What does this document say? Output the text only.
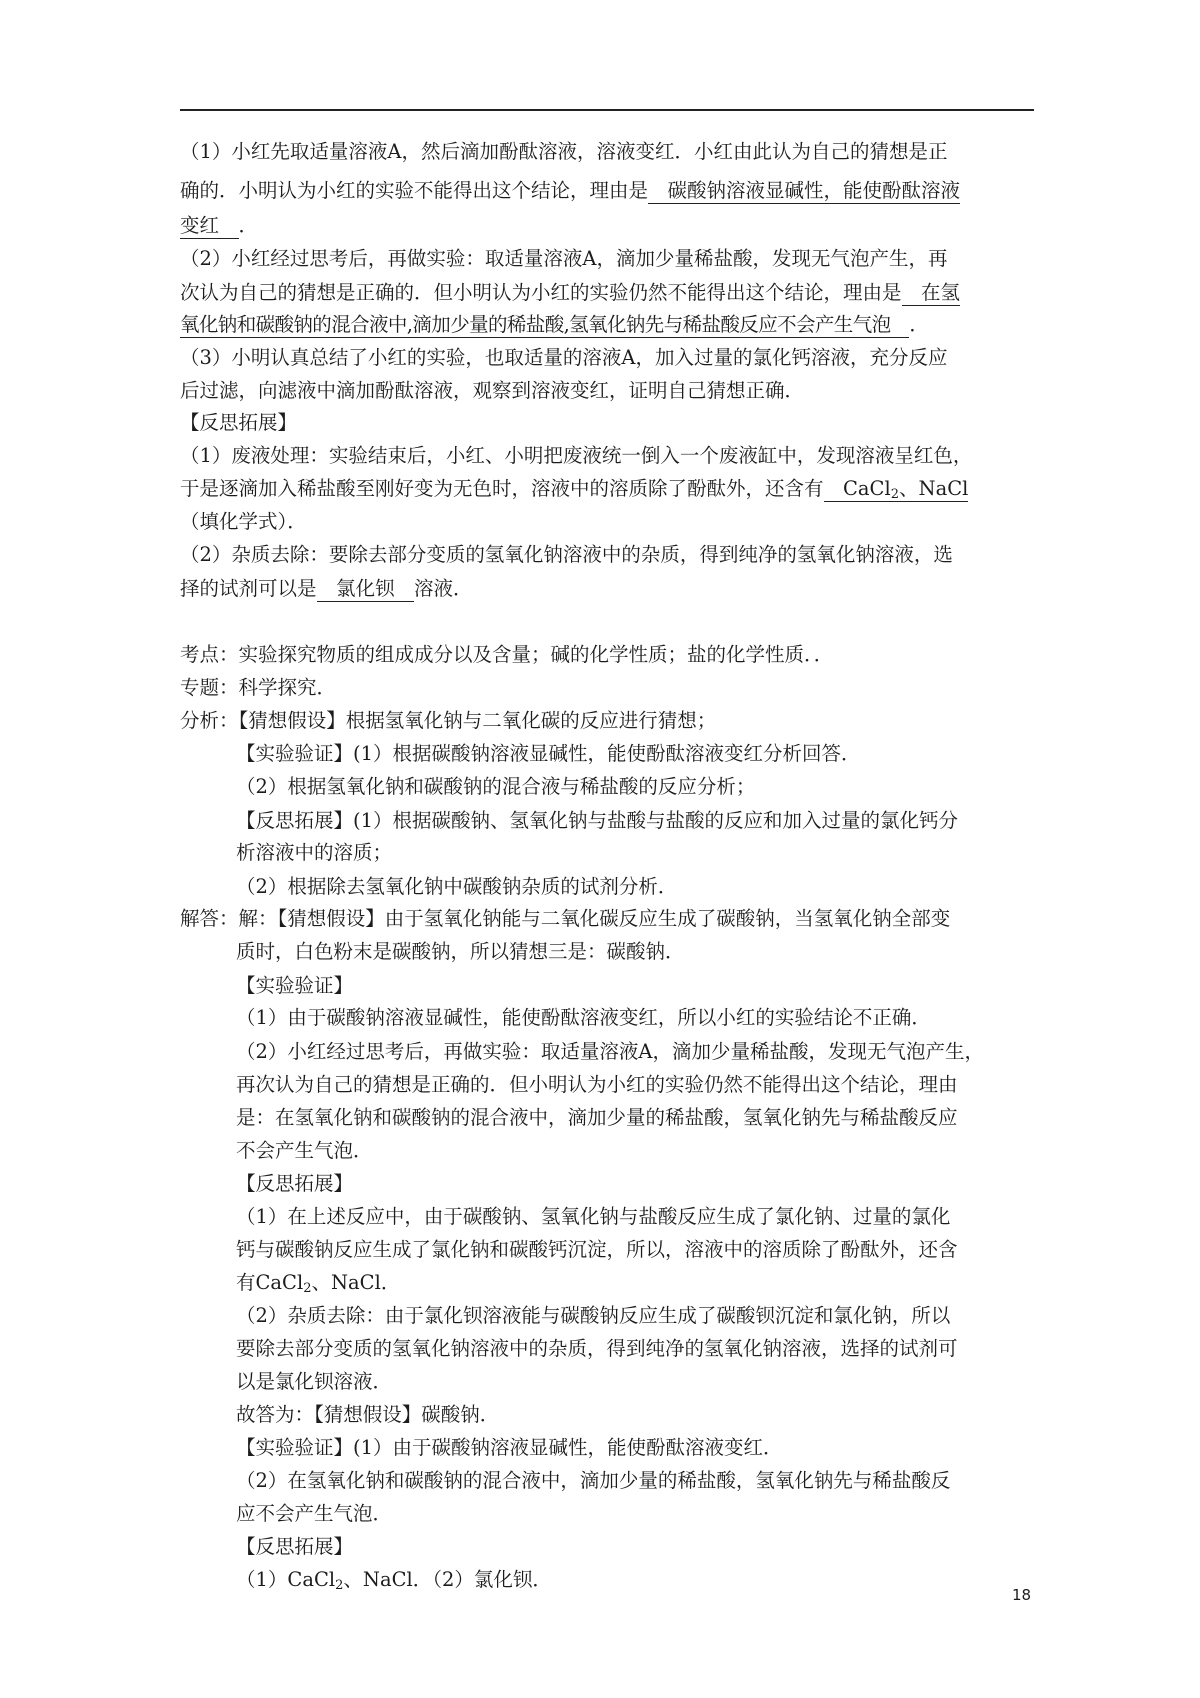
（1）小红先取适量溶液A，然后滴加酚酞溶液，溶液变红．小红由此认为自己的猜想是正
确的．小明认为小红的实验不能得出这个结论，理由是　碳酸钠溶液显碱性，能使酚酞溶液
变红　．
（2）小红经过思考后，再做实验：取适量溶液A，滴加少量稀盐酸，发现无气泡产生，再
次认为自己的猜想是正确的．但小明认为小红的实验仍然不能得出这个结论，理由是　在氢
氧化钠和碳酸钠的混合液中,滴加少量的稀盐酸,氢氧化钠先与稀盐酸反应不会产生气泡　．
（3）小明认真总结了小红的实验，也取适量的溶液A，加入过量的氯化钙溶液，充分反应
后过滤，向滤液中滴加酚酞溶液，观察到溶液变红，证明自己猜想正确．
【反思拓展】
（1）废液处理：实验结束后，小红、小明把废液统一倒入一个废液缸中，发现溶液呈红色，
于是逐滴加入稀盐酸至刚好变为无色时，溶液中的溶质除了酚酞外，还含有　CaCl$_2$、NaCl
（填化学式）．
（2）杂质去除：要除去部分变质的氢氧化钠溶液中的杂质，得到纯净的氢氧化钠溶液，选
择的试剂可以是　氯化钡　溶液．
考点：实验探究物质的组成成分以及含量；碱的化学性质；盐的化学性质．．
专题：科学探究．
分析：【猜想假设】根据氢氧化钠与二氧化碳的反应进行猜想；
【实验验证】(1）根据碳酸钠溶液显碱性，能使酚酞溶液变红分析回答．
（2）根据氢氧化钠和碳酸钠的混合液与稀盐酸的反应分析；
【反思拓展】(1）根据碳酸钠、氢氧化钠与盐酸与盐酸的反应和加入过量的氯化钙分
析溶液中的溶质；
（2）根据除去氢氧化钠中碳酸钠杂质的试剂分析．
解答：解：【猜想假设】由于氢氧化钠能与二氧化碳反应生成了碳酸钠，当氢氧化钠全部变
质时，白色粉末是碳酸钠，所以猜想三是：碳酸钠．
【实验验证】
（1）由于碳酸钠溶液显碱性，能使酚酞溶液变红，所以小红的实验结论不正确．
（2）小红经过思考后，再做实验：取适量溶液A，滴加少量稀盐酸，发现无气泡产生，
再次认为自己的猜想是正确的．但小明认为小红的实验仍然不能得出这个结论，理由
是：在氢氧化钠和碳酸钠的混合液中，滴加少量的稀盐酸，氢氧化钠先与稀盐酸反应
不会产生气泡．
【反思拓展】
（1）在上述反应中，由于碳酸钠、氢氧化钠与盐酸反应生成了氯化钠、过量的氯化
钙与碳酸钠反应生成了氯化钠和碳酸钙沉淀，所以，溶液中的溶质除了酚酞外，还含
有CaCl$_2$、NaCl．
（2）杂质去除：由于氯化钡溶液能与碳酸钠反应生成了碳酸钡沉淀和氯化钠，所以
要除去部分变质的氢氧化钠溶液中的杂质，得到纯净的氢氧化钠溶液，选择的试剂可
以是氯化钡溶液．
故答为：【猜想假设】碳酸钠．
【实验验证】(1）由于碳酸钠溶液显碱性，能使酚酞溶液变红．
（2）在氢氧化钠和碳酸钠的混合液中，滴加少量的稀盐酸，氢氧化钠先与稀盐酸反
应不会产生气泡．
【反思拓展】
（1）CaCl$_2$、NaCl．（2）氯化钡．
18
